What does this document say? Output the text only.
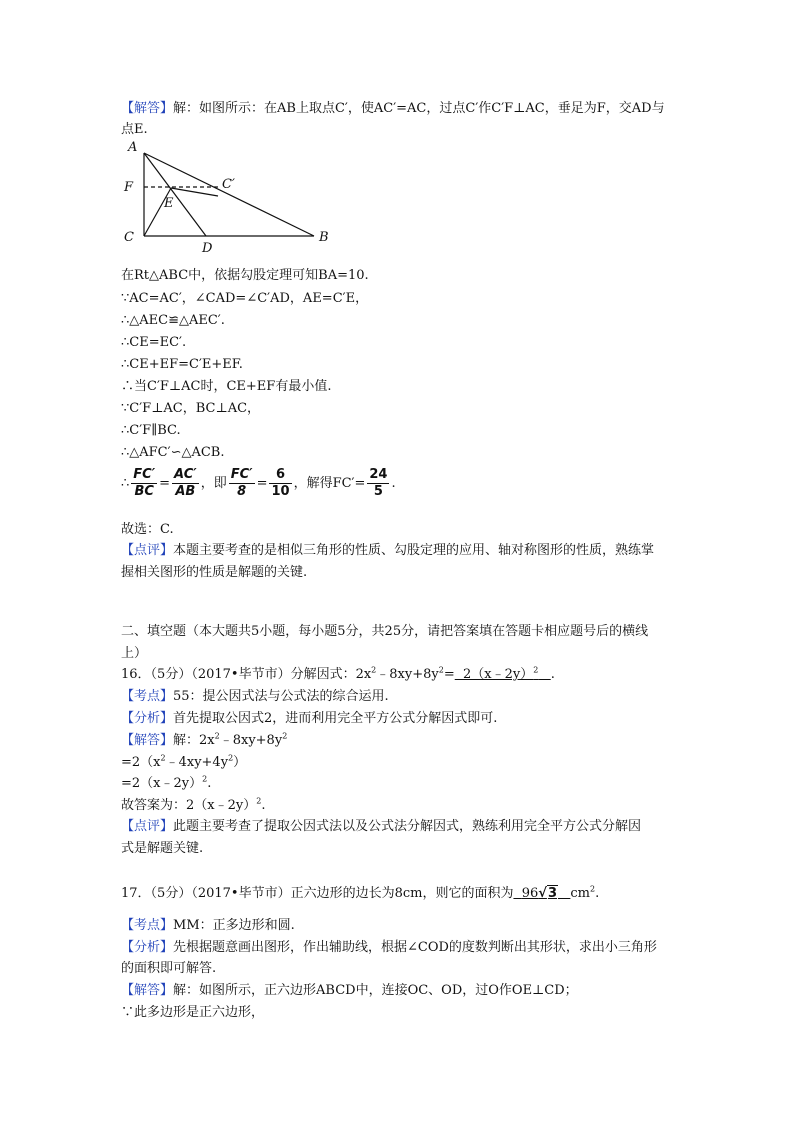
【解答】解：如图所示：在AB上取点C′，使AC′=AC，过点C′作C′F⊥AC，垂足为F，交AD与
点E.
A
F	C′
E
C
D
B
在Rt△ABC中，依据勾股定理可知BA=10.
∵AC=AC′，∠CAD=∠C′AD，AE=C′E，
∴△AEC≌△AEC′.
∴CE=EC′.
∴CE+EF=C′E+EF.
∴当C′F⊥AC时，CE+EF有最小值.
∵C′F⊥AC，BC⊥AC，
∴C′F∥BC.
∴△AFC′∽△ACB.
∴ $\frac{FC'}{BC} = \frac{AC'}{AB}$ ，即 $\frac{FC'}{8} = \frac{6}{10}$ ，解得$FC'= \frac{24}{5}$ .
故选：C.
【点评】本题主要考查的是相似三角形的性质、勾股定理的应用、轴对称图形的性质，熟练掌
握相关图形的性质是解题的关键.
二、填空题（本大题共5小题，每小题5分，共25分，请把答案填在答题卡相应题号后的横线
上）
16．（5分）（2017•毕节市）分解因式：$2x^2﹣8xy+8y^2=$ 2（x﹣2y）$^2$ .
【考点】55：提公因式法与公式法的综合运用.
【分析】首先提取公因式2，进而利用完全平方公式分解因式即可.
【解答】解：$2x^2﹣8xy+8y^2$
$=2(x^2﹣4xy+4y^2)$
=2（x﹣2y）$^2$.
故答案为：2（x﹣2y）$^2$.
【点评】此题主要考查了提取公因式法以及公式法分解因式，熟练利用完全平方公式分解因
式是解题关键.
17．（5分）（2017•毕节市）正六边形的边长为8cm，则它的面积为 96√3 $cm^2$.
【考点】MM：正多边形和圆.
【分析】先根据题意画出图形，作出辅助线，根据∠COD的度数判断出其形状，求出小三角形
的面积即可解答.
【解答】解：如图所示，正六边形ABCD中，连接OC、OD，过O作OE⊥CD；
∵此多边形是正六边形，
